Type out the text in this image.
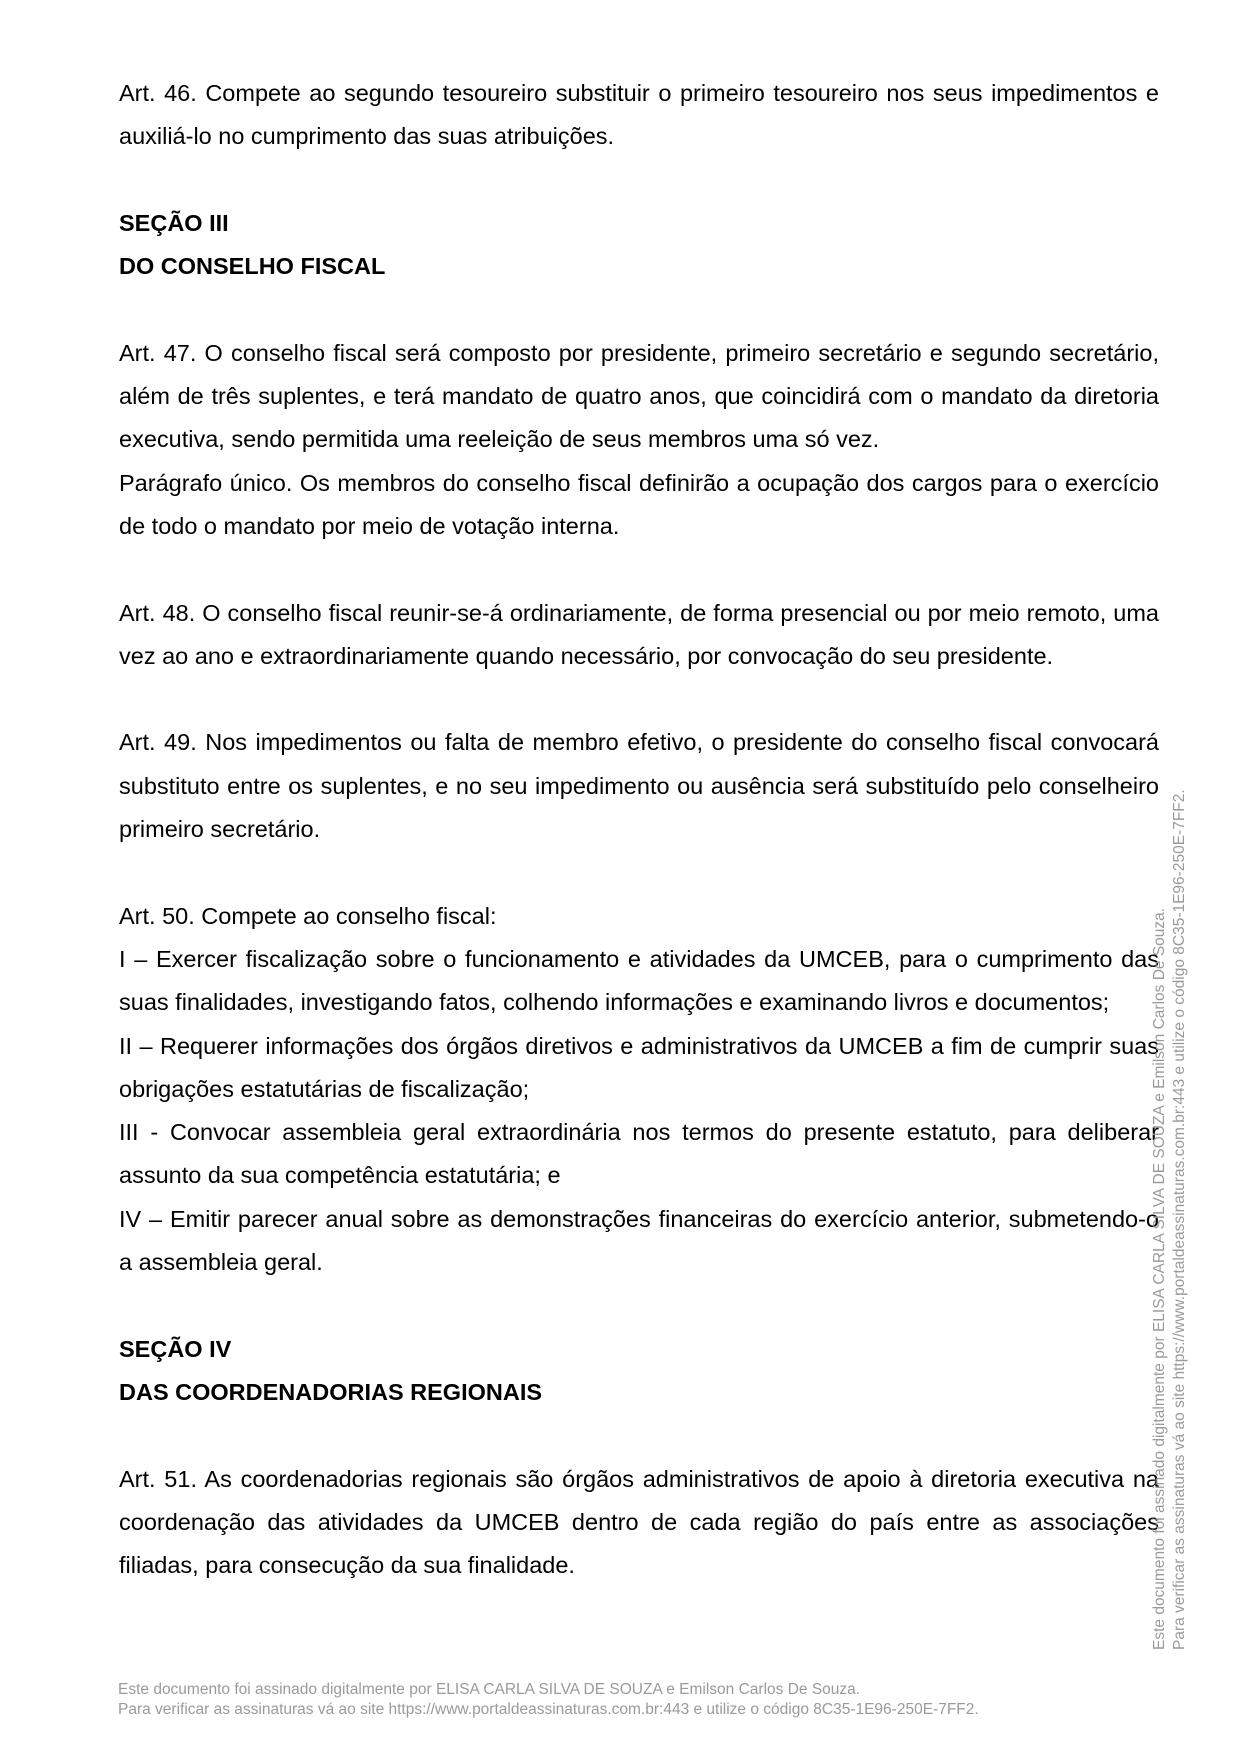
Art. 46. Compete ao segundo tesoureiro substituir o primeiro tesoureiro nos seus impedimentos e auxiliá-lo no cumprimento das suas atribuições.

SEÇÃO III

DO CONSELHO FISCAL

Art. 47. O conselho fiscal será composto por presidente, primeiro secretário e segundo secretário, além de três suplentes, e terá mandato de quatro anos, que coincidirá com o mandato da diretoria executiva, sendo permitida uma reeleição de seus membros uma só vez.

Parágrafo único. Os membros do conselho fiscal definirão a ocupação dos cargos para o exercício de todo o mandato por meio de votação interna.

Art. 48. O conselho fiscal reunir-se-á ordinariamente, de forma presencial ou por meio remoto, uma vez ao ano e extraordinariamente quando necessário, por convocação do seu presidente.

Art. 49. Nos impedimentos ou falta de membro efetivo, o presidente do conselho fiscal convocará substituto entre os suplentes, e no seu impedimento ou ausência será substituído pelo conselheiro primeiro secretário.

Art. 50. Compete ao conselho fiscal:

I – Exercer fiscalização sobre o funcionamento e atividades da UMCEB, para o cumprimento das suas finalidades, investigando fatos, colhendo informações e examinando livros e documentos;

II – Requerer informações dos órgãos diretivos e administrativos da UMCEB a fim de cumprir suas obrigações estatutárias de fiscalização;

III - Convocar assembleia geral extraordinária nos termos do presente estatuto, para deliberar assunto da sua competência estatutária; e

IV – Emitir parecer anual sobre as demonstrações financeiras do exercício anterior, submetendo-o a assembleia geral.

SEÇÃO IV

DAS COORDENADORIAS REGIONAIS

Art. 51. As coordenadorias regionais são órgãos administrativos de apoio à diretoria executiva na coordenação das atividades da UMCEB dentro de cada região do país entre as associações filiadas, para consecução da sua finalidade.

Este documento foi assinado digitalmente por ELISA CARLA SILVA DE SOUZA e Emilson Carlos De Souza.
Para verificar as assinaturas vá ao site https://www.portaldeassinaturas.com.br:443 e utilize o código 8C35-1E96-250E-7FF2.
Este documento foi assinado digitalmente por ELISA CARLA SILVA DE SOUZA e Emilson Carlos De Souza. Para verificar as assinaturas vá ao site https://www.portaldeassinaturas.com.br:443 e utilize o código 8C35-1E96-250E-7FF2.
